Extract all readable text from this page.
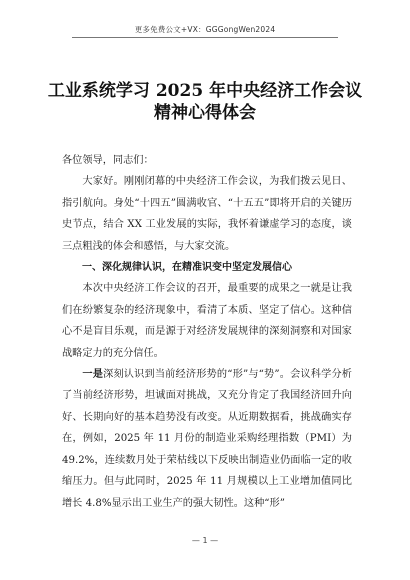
更多免费公文+VX：GGGongWen2024
工业系统学习 2025 年中央经济工作会议
精神心得体会

各位领导，同志们：

大家好。刚刚闭幕的中央经济工作会议，为我们拨云见日、指引航向。身处“十四五”圆满收官、“十五五”即将开启的关键历史节点，结合 XX 工业发展的实际，我怀着谦虚学习的态度，谈三点粗浅的体会和感悟，与大家交流。

一、深化规律认识，在精准识变中坚定发展信心

本次中央经济工作会议的召开，最重要的成果之一就是让我们在纷繁复杂的经济现象中，看清了本质、坚定了信心。这种信心不是盲目乐观，而是源于对经济发展规律的深刻洞察和对国家战略定力的充分信任。

一是深刻认识到当前经济形势的“形”与“势”。会议科学分析了当前经济形势，坦诚面对挑战，又充分肯定了我国经济回升向好、长期向好的基本趋势没有改变。从近期数据看，挑战确实存在，例如，2025 年 11 月份的制造业采购经理指数（PMI）为 49.2%，连续数月处于荣枯线以下反映出制造业仍面临一定的收缩压力。但与此同时，2025 年 11 月规模以上工业增加值同比增长 4.8%显示出工业生产的强大韧性。这种“形”

— 1 —
